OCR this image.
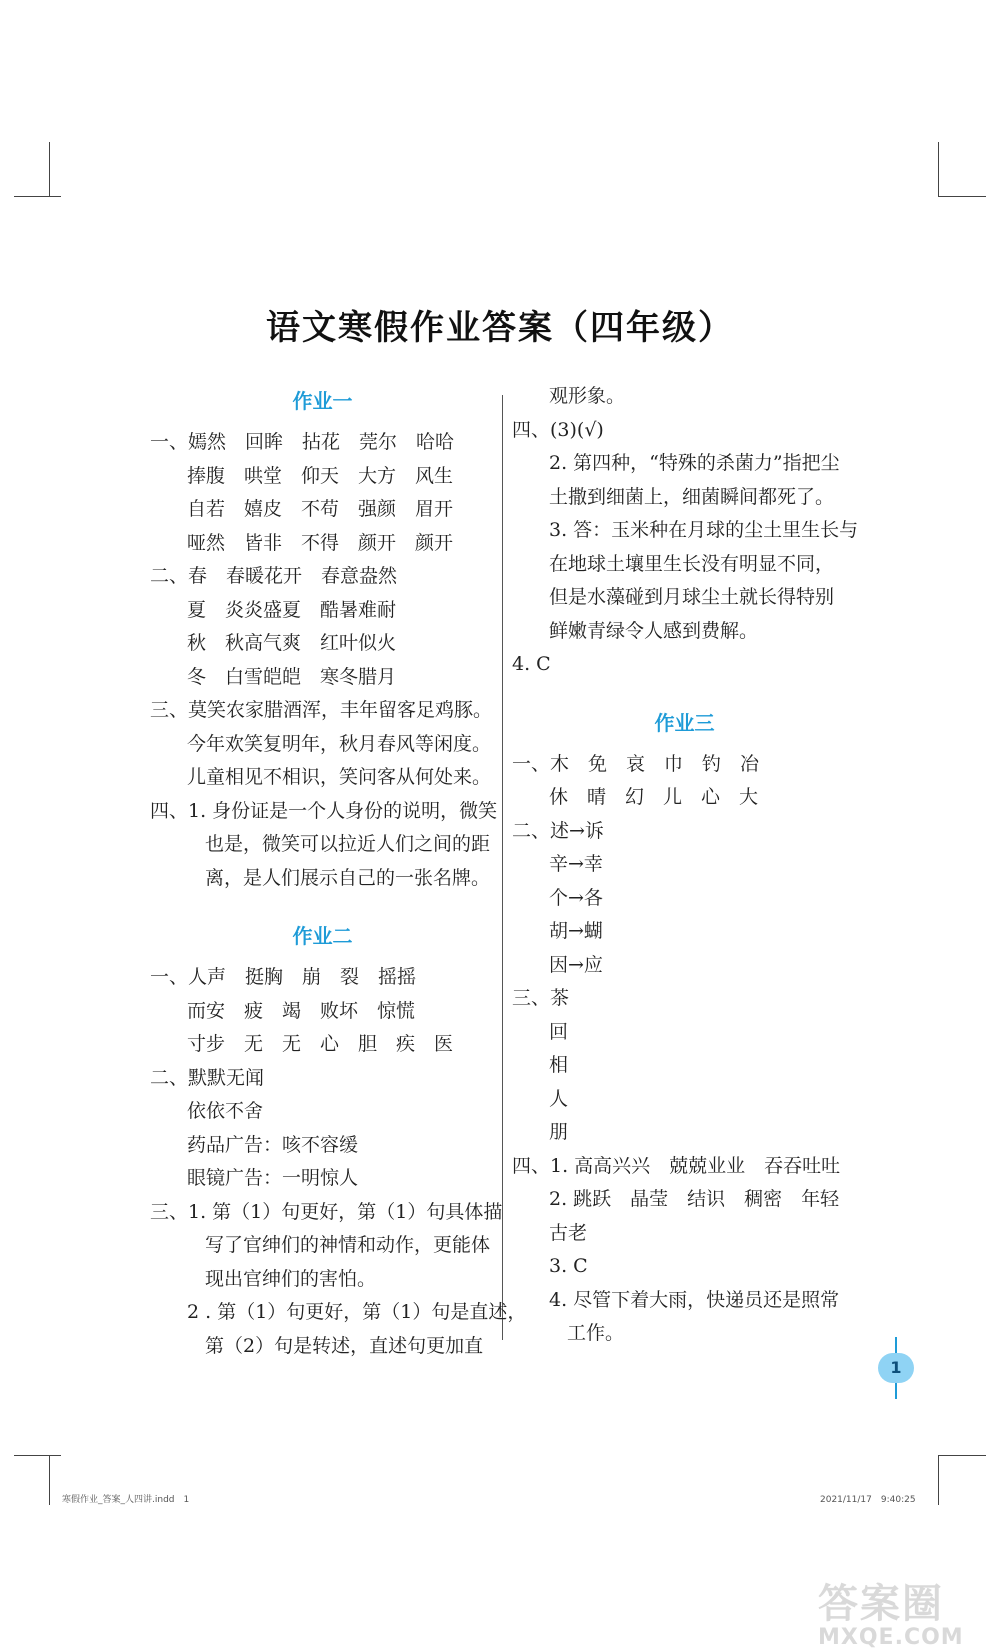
语文寒假作业答案（四年级）
作业一
一、嫣然　回眸　拈花　莞尔　哈哈
捧腹　哄堂　仰天　大方　风生
自若　嬉皮　不苟　强颜　眉开
哑然　皆非　不得　颜开　颜开
二、春　春暖花开　春意盎然
夏　炎炎盛夏　酷暑难耐
秋　秋高气爽　红叶似火
冬　白雪皑皑　寒冬腊月
三、莫笑农家腊酒浑，丰年留客足鸡豚。
今年欢笑复明年，秋月春风等闲度。
儿童相见不相识，笑问客从何处来。
四、1. 身份证是一个人身份的说明，微笑
也是，微笑可以拉近人们之间的距
离，是人们展示自己的一张名牌。
作业二
一、人声　挺胸　崩　裂　摇摇
而安　疲　竭　败坏　惊慌
寸步　无　无　心　胆　疾　医
二、默默无闻
依依不舍
药品广告：咳不容缓
眼镜广告：一明惊人
三、1. 第（1）句更好，第（1）句具体描
写了官绅们的神情和动作，更能体
现出官绅们的害怕。
2 . 第（1）句更好，第（1）句是直述，
第（2）句是转述，直述句更加直
观形象。
四、(3)(√)
2. 第四种，“特殊的杀菌力”指把尘
土撒到细菌上，细菌瞬间都死了。
3. 答：玉米种在月球的尘土里生长与
在地球土壤里生长没有明显不同，
但是水藻碰到月球尘土就长得特别
鲜嫩青绿令人感到费解。
4. C
作业三
一、木　免　哀　巾　钓　冶
休　晴　幻　儿　心　大
二、述→诉
辛→幸
个→各
胡→蝴
因→应
三、茶
回
相
人
朋
四、1. 高高兴兴　兢兢业业　吞吞吐吐
2. 跳跃　晶莹　结识　稠密　年轻
古老
3. C
4. 尽管下着大雨，快递员还是照常
工作。
1
寒假作业_答案_人四讲.indd　1	2021/11/17　9:40:25
答案圈
MXQE.COM
